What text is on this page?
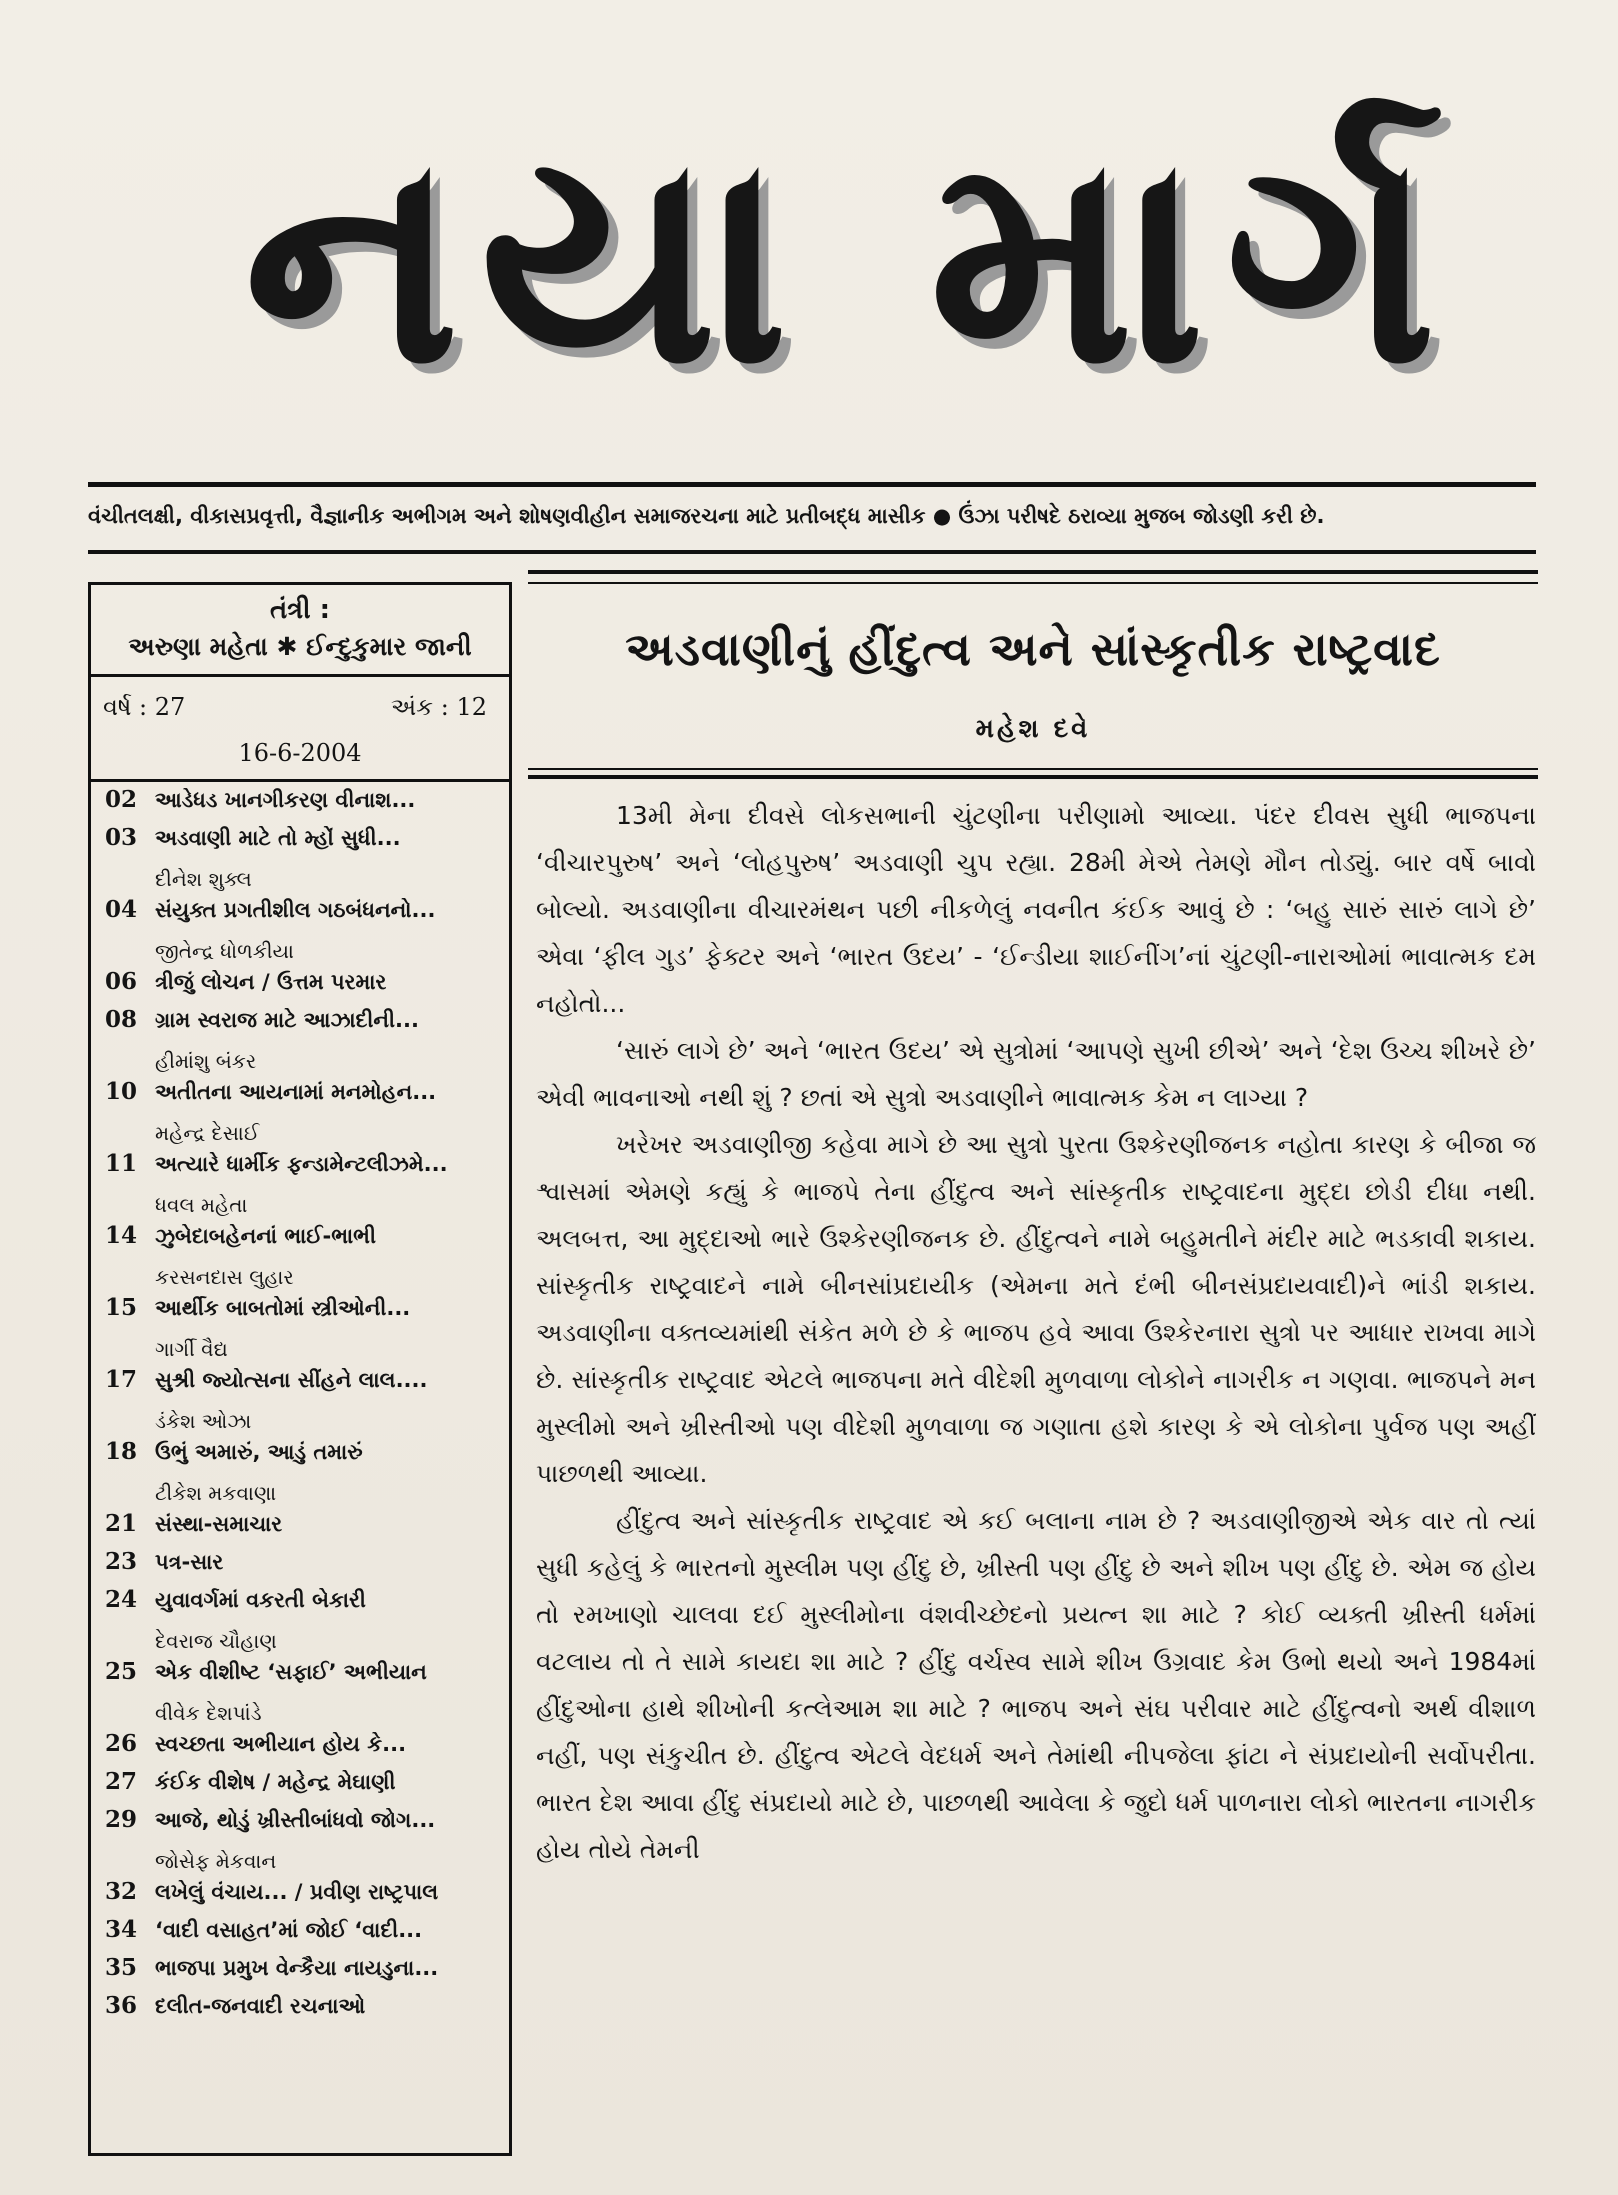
નયા માર્ગ
વંચીતલક્ષી, વીકાસપ્રવૃત્તી, વૈજ્ઞાનીક અભીગમ અને શોષણવીહીન સમાજરચના માટે પ્રતીબદ્ધ માસીક ● ઉંઝા પરીષદે ઠરાવ્યા મુજબ જોડણી કરી છે.
તંત્રી :
અરુણા મહેતા ✱ ઈન્દુકુમાર જાની
વર્ષ : 27	અંક : 12
16-6-2004
02 આડેધડ ખાનગીકરણ વીનાશ...
03 અડવાણી માટે તો મ્હોં સુધી...
દીનેશ શુક્લ
04 સંયુક્ત પ્રગતીશીલ ગઠબંધનનો...
જીતેન્દ્ર ધોળકીયા
06 ત્રીજું લોચન / ઉત્તમ પરમાર
08 ગ્રામ સ્વરાજ માટે આઝાદીની...
હીમાંશુ બંકર
10 અતીતના આયનામાં મનમોહન...
મહેન્દ્ર દેસાઈ
11 અત્યારે ધાર્મીક ફન્ડામેન્ટલીઝમે...
ધવલ મહેતા
14 ઝુબેદાબહેનનાં ભાઈ-ભાભી
કરસનદાસ લુહાર
15 આર્થીક બાબતોમાં સ્ત્રીઓની...
ગાર્ગી વૈદ્ય
17 સુશ્રી જ્યોત્સના સીંહને લાલ....
ડંકેશ ઓઝા
18 ઉભું અમારું, આડું તમારું
ટીકેશ મકવાણા
21 સંસ્થા-સમાચાર
23 પત્ર-સાર
24 યુવાવર્ગમાં વકરતી બેકારી
દેવરાજ ચૌહાણ
25 એક વીશીષ્ટ ‘સફાઈ’ અભીયાન
વીવેક દેશપાંડે
26 સ્વચ્છતા અભીયાન હોય કે...
27 કંઈક વીશેષ / મહેન્દ્ર મેઘાણી
29 આજે, થોડું ખ્રીસ્તીબાંધવો જોગ...
જોસેફ મેકવાન
32 લખેલું વંચાય... / પ્રવીણ રાષ્ટ્રપાલ
34 ‘વાદી વસાહત’માં જોઈ ‘વાદી...
35 ભાજપા પ્રમુખ વેન્કૈયા નાયડુના...
36 દલીત-જનવાદી રચનાઓ
અડવાણીનું હીંદુત્વ અને સાંસ્કૃતીક રાષ્ટ્રવાદ
મહેશ દવે

13મી મેના દીવસે લોકસભાની ચુંટણીના પરીણામો આવ્યા. પંદર દીવસ સુધી ભાજપના ‘વીચારપુરુષ’ અને ‘લોહપુરુષ’ અડવાણી ચુપ રહ્યા. 28મી મેએ તેમણે મૌન તોડ્યું. બાર વર્ષે બાવો બોલ્યો. અડવાણીના વીચારમંથન પછી નીકળેલું નવનીત કંઈક આવું છે : ‘બહુ સારું સારું લાગે છે’ એવા ‘ફીલ ગુડ’ ફેક્ટર અને ‘ભારત ઉદય’ - ‘ઈન્ડીયા શાઈનીંગ’નાં ચુંટણી-નારાઓમાં ભાવાત્મક દમ નહોતો...

‘સારું લાગે છે’ અને ‘ભારત ઉદય’ એ સુત્રોમાં ‘આપણે સુખી છીએ’ અને ‘દેશ ઉચ્ચ શીખરે છે’ એવી ભાવનાઓ નથી શું ? છતાં એ સુત્રો અડવાણીને ભાવાત્મક કેમ ન લાગ્યા ?

ખરેખર અડવાણીજી કહેવા માગે છે આ સુત્રો પુરતા ઉશ્કેરણીજનક નહોતા કારણ કે બીજા જ શ્વાસમાં એમણે કહ્યું કે ભાજપે તેના હીંદુત્વ અને સાંસ્કૃતીક રાષ્ટ્રવાદના મુદ્દા છોડી દીધા નથી. અલબત્ત, આ મુદ્દાઓ ભારે ઉશ્કેરણીજનક છે. હીંદુત્વને નામે બહુમતીને મંદીર માટે ભડકાવી શકાય. સાંસ્કૃતીક રાષ્ટ્રવાદને નામે બીનસાંપ્રદાયીક (એમના મતે દંભી બીનસંપ્રદાયવાદી)ને ભાંડી શકાય. અડવાણીના વક્તવ્યમાંથી સંકેત મળે છે કે ભાજપ હવે આવા ઉશ્કેરનારા સુત્રો પર આધાર રાખવા માગે છે. સાંસ્કૃતીક રાષ્ટ્રવાદ એટલે ભાજપના મતે વીદેશી મુળવાળા લોકોને નાગરીક ન ગણવા. ભાજપને મન મુસ્લીમો અને ખ્રીસ્તીઓ પણ વીદેશી મુળવાળા જ ગણાતા હશે કારણ કે એ લોકોના પુર્વજ પણ અહીં પાછળથી આવ્યા.

હીંદુત્વ અને સાંસ્કૃતીક રાષ્ટ્રવાદ એ કઈ બલાના નામ છે ? અડવાણીજીએ એક વાર તો ત્યાં સુધી કહેલું કે ભારતનો મુસ્લીમ પણ હીંદુ છે, ખ્રીસ્તી પણ હીંદુ છે અને શીખ પણ હીંદુ છે. એમ જ હોય તો રમખાણો ચાલવા દઈ મુસ્લીમોના વંશવીચ્છેદનો પ્રયત્ન શા માટે ? કોઈ વ્યક્તી ખ્રીસ્તી ધર્મમાં વટલાય તો તે સામે કાયદા શા માટે ? હીંદુ વર્ચસ્વ સામે શીખ ઉગ્રવાદ કેમ ઉભો થયો અને 1984માં હીંદુઓના હાથે શીખોની કત્લેઆમ શા માટે ? ભાજપ અને સંઘ પરીવાર માટે હીંદુત્વનો અર્થ વીશાળ નહીં, પણ સંકુચીત છે. હીંદુત્વ એટલે વેદધર્મ અને તેમાંથી નીપજેલા ફાંટા ને સંપ્રદાયોની સર્વોપરીતા. ભારત દેશ આવા હીંદુ સંપ્રદાયો માટે છે, પાછળથી આવેલા કે જુદો ધર્મ પાળનારા લોકો ભારતના નાગરીક હોય તોયે તેમની
